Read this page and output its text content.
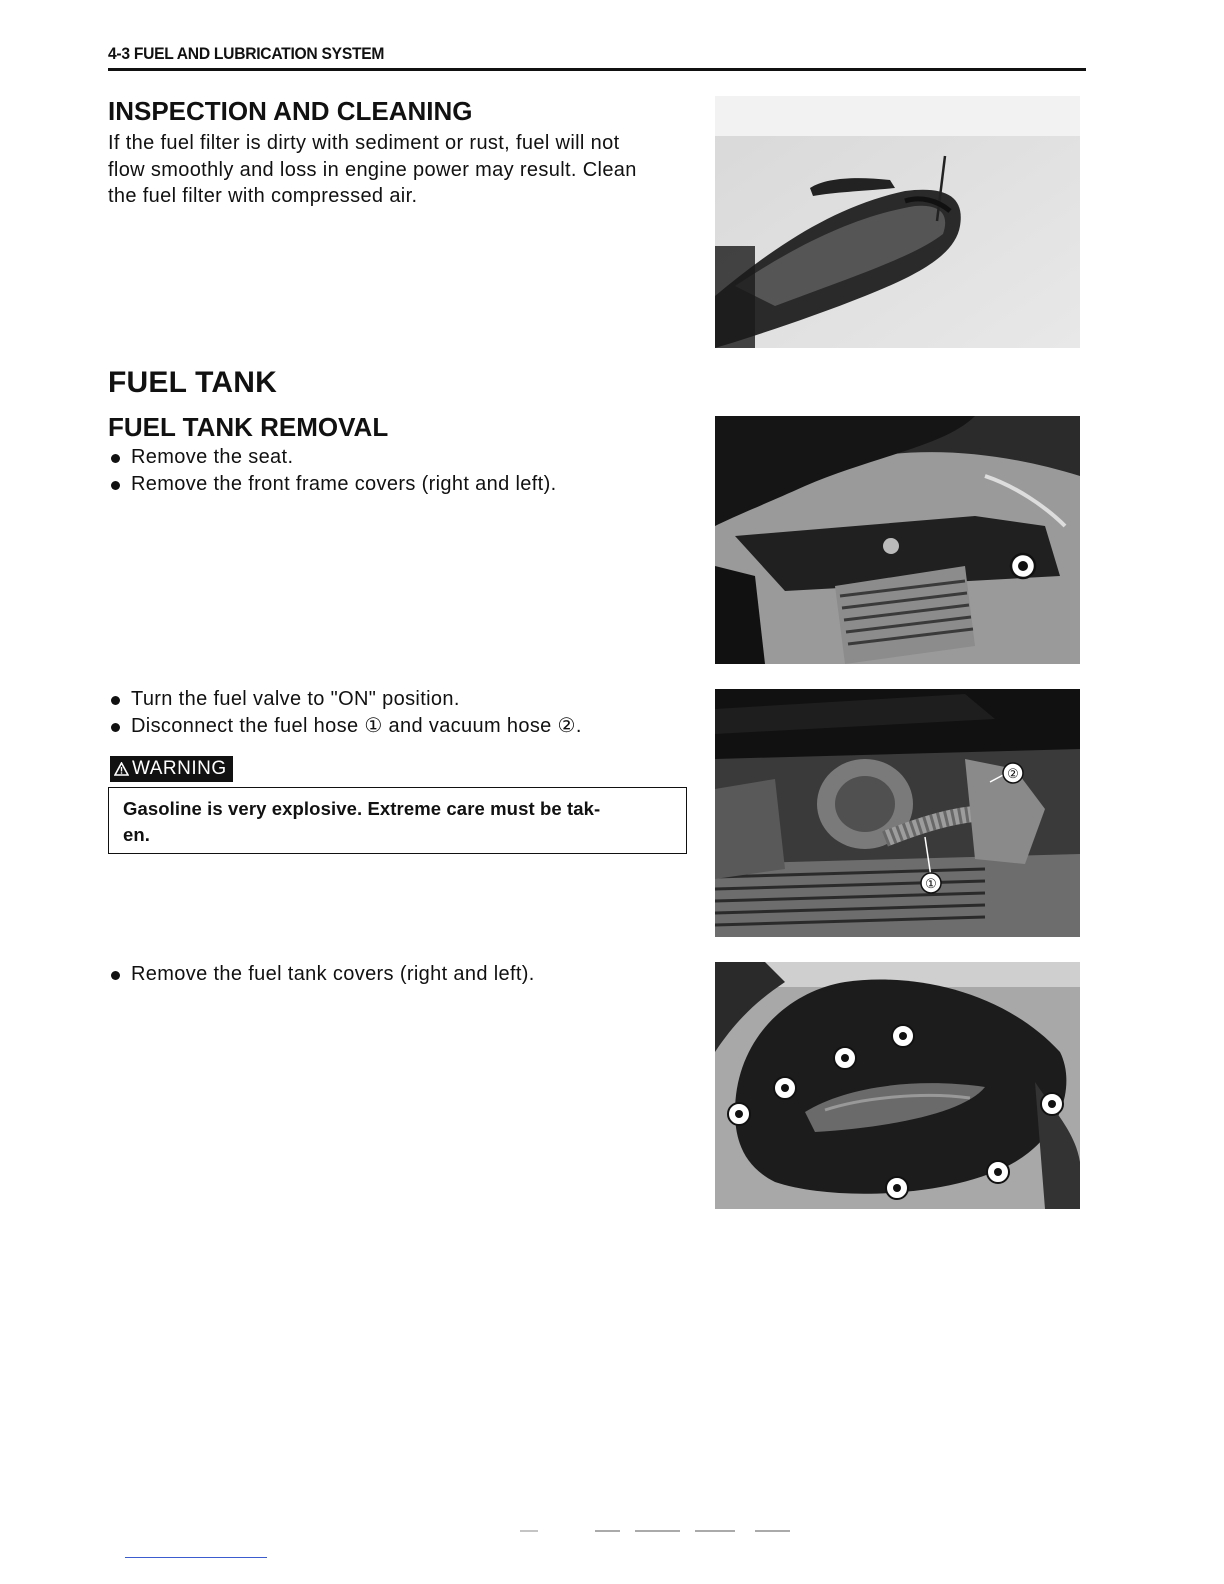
4-3 FUEL AND LUBRICATION SYSTEM
INSPECTION AND CLEANING
If the fuel filter is dirty with sediment or rust, fuel will not
flow smoothly and loss in engine power may result. Clean
the fuel filter with compressed air.
FUEL TANK
FUEL TANK REMOVAL
Remove the seat.
Remove the front frame covers (right and left).
Turn the fuel valve to "ON" position.
Disconnect the fuel hose ① and vacuum hose ②.
WARNING
Gasoline is very explosive. Extreme care must be tak-
en.
①
②
Remove the fuel tank covers (right and left).
